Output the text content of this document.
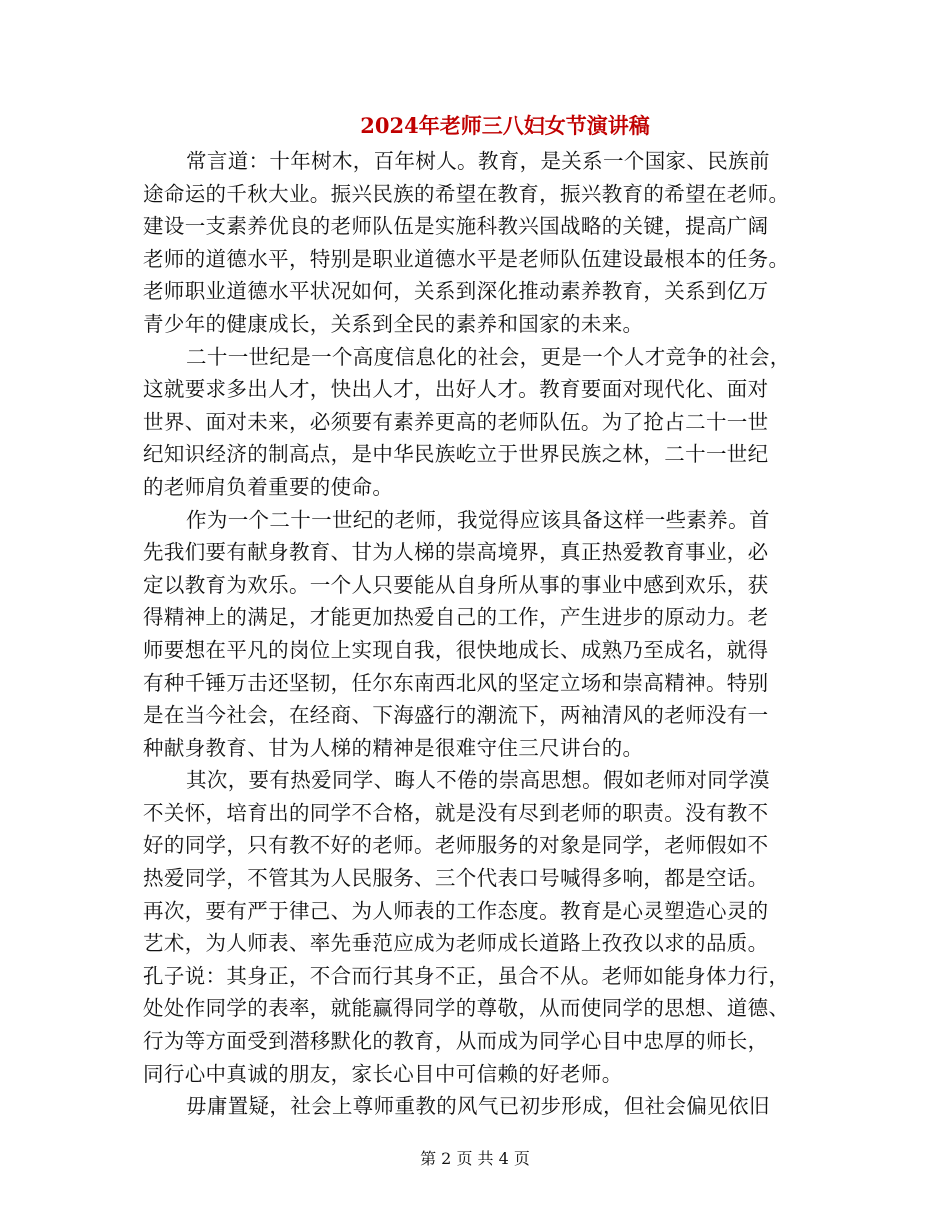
2024年老师三八妇女节演讲稿
常言道：十年树木，百年树人。教育，是关系一个国家、民族前
途命运的千秋大业。振兴民族的希望在教育，振兴教育的希望在老师。
建设一支素养优良的老师队伍是实施科教兴国战略的关键，提高广阔
老师的道德水平，特别是职业道德水平是老师队伍建设最根本的任务。
老师职业道德水平状况如何，关系到深化推动素养教育，关系到亿万
青少年的健康成长，关系到全民的素养和国家的未来。
二十一世纪是一个高度信息化的社会，更是一个人才竞争的社会，
这就要求多出人才，快出人才，出好人才。教育要面对现代化、面对
世界、面对未来，必须要有素养更高的老师队伍。为了抢占二十一世
纪知识经济的制高点，是中华民族屹立于世界民族之林，二十一世纪
的老师肩负着重要的使命。
作为一个二十一世纪的老师，我觉得应该具备这样一些素养。首
先我们要有献身教育、甘为人梯的崇高境界，真正热爱教育事业，必
定以教育为欢乐。一个人只要能从自身所从事的事业中感到欢乐，获
得精神上的满足，才能更加热爱自己的工作，产生进步的原动力。老
师要想在平凡的岗位上实现自我，很快地成长、成熟乃至成名，就得
有种千锤万击还坚韧，任尔东南西北风的坚定立场和崇高精神。特别
是在当今社会，在经商、下海盛行的潮流下，两袖清风的老师没有一
种献身教育、甘为人梯的精神是很难守住三尺讲台的。
其次，要有热爱同学、晦人不倦的崇高思想。假如老师对同学漠
不关怀，培育出的同学不合格，就是没有尽到老师的职责。没有教不
好的同学，只有教不好的老师。老师服务的对象是同学，老师假如不
热爱同学，不管其为人民服务、三个代表口号喊得多响，都是空话。
再次，要有严于律己、为人师表的工作态度。教育是心灵塑造心灵的
艺术，为人师表、率先垂范应成为老师成长道路上孜孜以求的品质。
孔子说：其身正，不合而行其身不正，虽合不从。老师如能身体力行，
处处作同学的表率，就能赢得同学的尊敬，从而使同学的思想、道德、
行为等方面受到潜移默化的教育，从而成为同学心目中忠厚的师长，
同行心中真诚的朋友，家长心目中可信赖的好老师。
毋庸置疑，社会上尊师重教的风气已初步形成，但社会偏见依旧
第 2 页 共 4 页
